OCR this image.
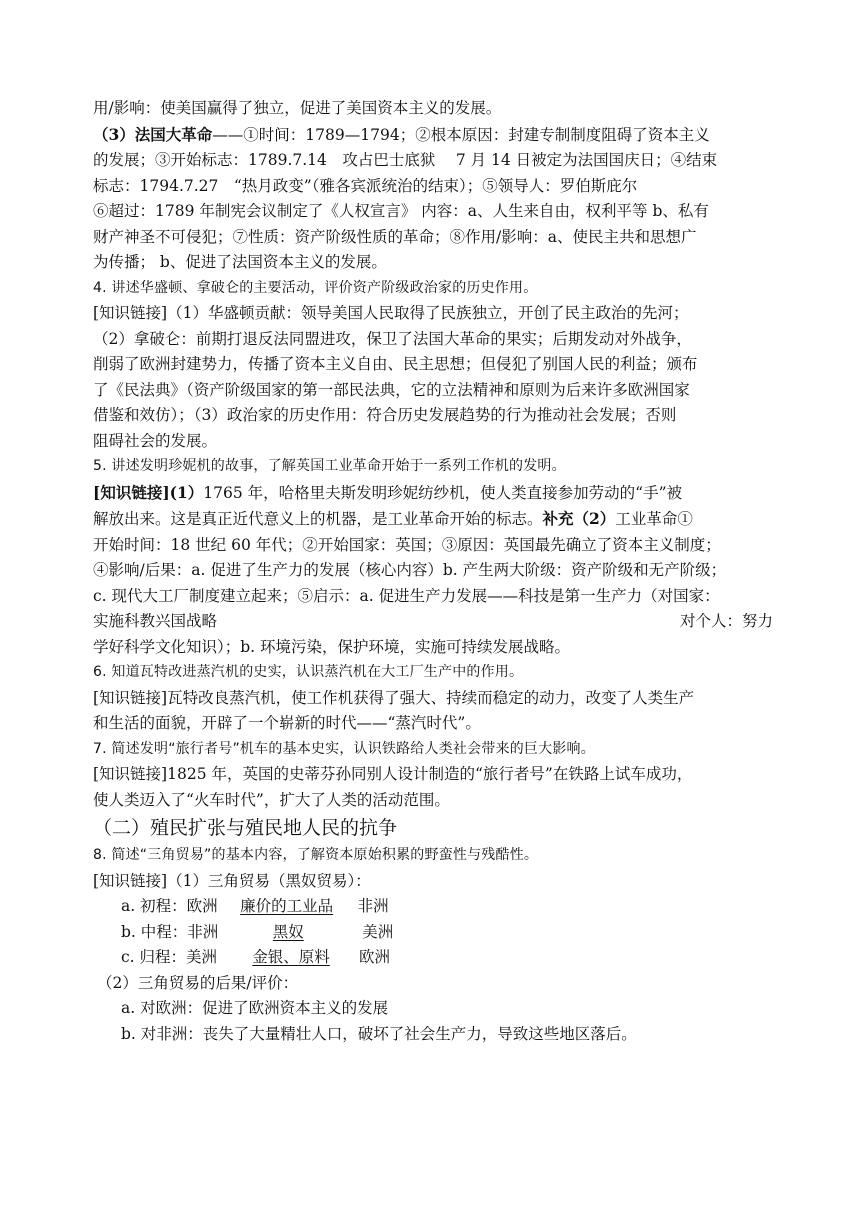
用/影响：使美国赢得了独立，促进了美国资本主义的发展。

（3）法国大革命——①时间：1789—1794；②根本原因：封建专制制度阻碍了资本主义

的发展；③开始标志：1789.7.14　攻占巴士底狱　 7 月 14 日被定为法国国庆日；④结束

标志：1794.7.27　“热月政变”（雅各宾派统治的结束）；⑤领导人：罗伯斯庇尔

⑥超过：1789 年制宪会议制定了《人权宣言》 内容：a、人生来自由，权利平等 b、私有

财产神圣不可侵犯；⑦性质：资产阶级性质的革命；⑧作用/影响：a、使民主共和思想广

为传播； b、促进了法国资本主义的发展。

4. 讲述华盛顿、拿破仑的主要活动，评价资产阶级政治家的历史作用。

[知识链接]（1）华盛顿贡献：领导美国人民取得了民族独立，开创了民主政治的先河；

（2）拿破仑：前期打退反法同盟进攻，保卫了法国大革命的果实；后期发动对外战争，

削弱了欧洲封建势力，传播了资本主义自由、民主思想；但侵犯了别国人民的利益；颁布

了《民法典》（资产阶级国家的第一部民法典，它的立法精神和原则为后来许多欧洲国家

借鉴和效仿）；（3）政治家的历史作用：符合历史发展趋势的行为推动社会发展；否则

阻碍社会的发展。

5. 讲述发明珍妮机的故事，了解英国工业革命开始于一系列工作机的发明。

[知识链接](1）1765 年，哈格里夫斯发明珍妮纺纱机，使人类直接参加劳动的“手”被

解放出来。这是真正近代意义上的机器，是工业革命开始的标志。补充（2）工业革命①

开始时间：18 世纪 60 年代；②开始国家：英国；③原因：英国最先确立了资本主义制度；

④影响/后果：a. 促进了生产力的发展（核心内容）b. 产生两大阶级：资产阶级和无产阶级；

c. 现代大工厂制度建立起来；⑤启示：a. 促进生产力发展——科技是第一生产力（对国家：

实施科教兴国战略	对个人：努力

学好科学文化知识）；b. 环境污染，保护环境，实施可持续发展战略。

6. 知道瓦特改进蒸汽机的史实，认识蒸汽机在大工厂生产中的作用。

[知识链接]瓦特改良蒸汽机，使工作机获得了强大、持续而稳定的动力，改变了人类生产

和生活的面貌，开辟了一个崭新的时代——“蒸汽时代”。

7. 简述发明“旅行者号”机车的基本史实，认识铁路给人类社会带来的巨大影响。

[知识链接]1825 年，英国的史蒂芬孙同别人设计制造的“旅行者号”在铁路上试车成功，

使人类迈入了“火车时代”，扩大了人类的活动范围。

（二）殖民扩张与殖民地人民的抗争

8. 简述“三角贸易”的基本内容，了解资本原始积累的野蛮性与残酷性。

[知识链接]（1）三角贸易（黑奴贸易）：

a. 初程：欧洲	廉价的工业品	非洲

b. 中程：非洲	黑奴	美洲

c. 归程：美洲	金银、原料	欧洲

（2）三角贸易的后果/评价：

a. 对欧洲：促进了欧洲资本主义的发展

b. 对非洲：丧失了大量精壮人口，破坏了社会生产力，导致这些地区落后。
